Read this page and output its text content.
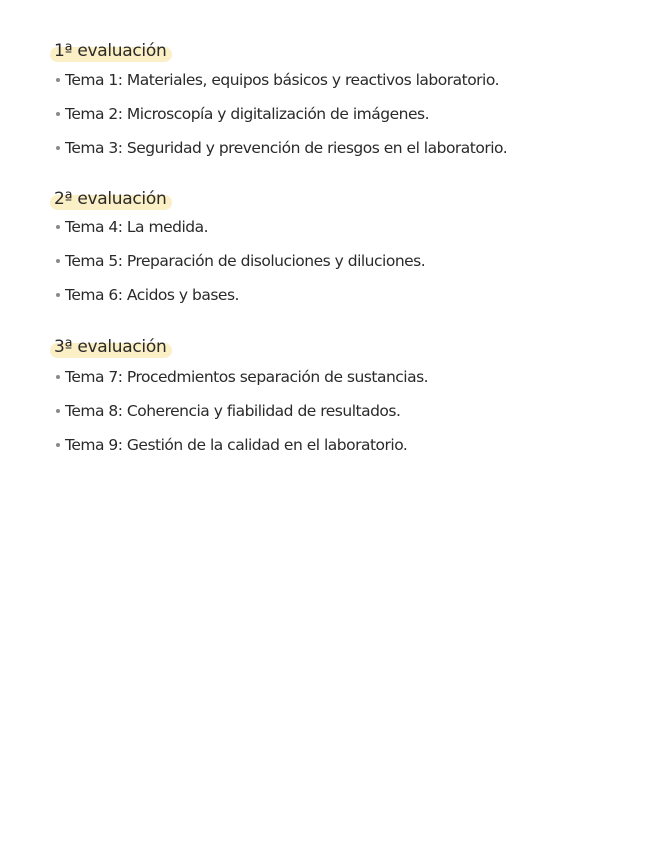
1ª evaluación
Tema 1: Materiales, equipos básicos y reactivos laboratorio.
Tema 2: Microscopía y digitalización de imágenes.
Tema 3: Seguridad y prevención de riesgos en el laboratorio.
2ª evaluación
Tema 4: La medida.
Tema 5: Preparación de disoluciones y diluciones.
Tema 6: Acidos y bases.
3ª evaluación
Tema 7: Procedmientos separación de sustancias.
Tema 8: Coherencia y fiabilidad de resultados.
Tema 9: Gestión de la calidad en el laboratorio.
